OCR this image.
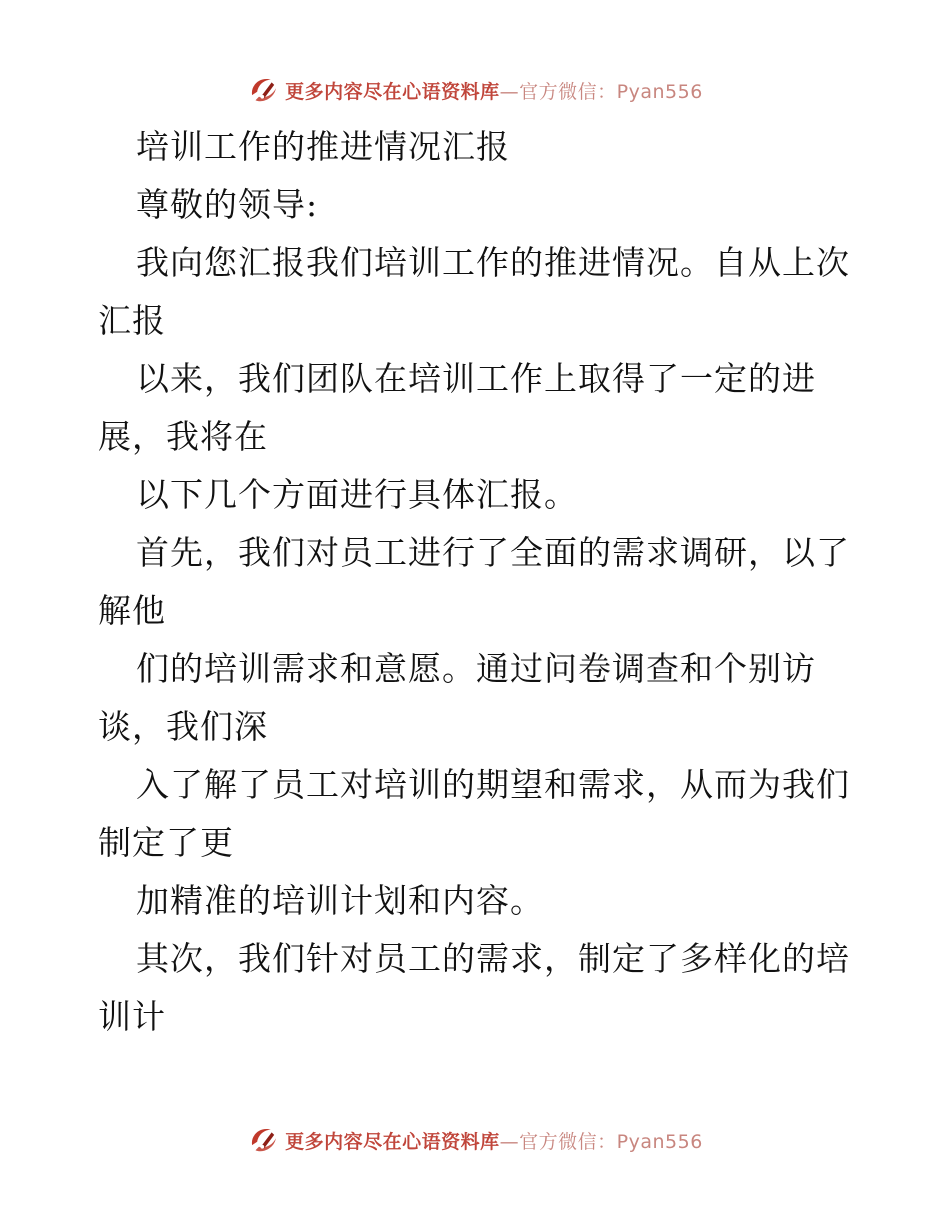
更多内容尽在心语资料库—官方微信：Pyan556
培训工作的推进情况汇报
尊敬的领导:
我向您汇报我们培训工作的推进情况。自从上次
汇报
以来，我们团队在培训工作上取得了一定的进
展，我将在
以下几个方面进行具体汇报。
首先，我们对员工进行了全面的需求调研，以了
解他
们的培训需求和意愿。通过问卷调查和个别访
谈，我们深
入了解了员工对培训的期望和需求，从而为我们
制定了更
加精准的培训计划和内容。
其次，我们针对员工的需求，制定了多样化的培
训计
更多内容尽在心语资料库—官方微信：Pyan556
